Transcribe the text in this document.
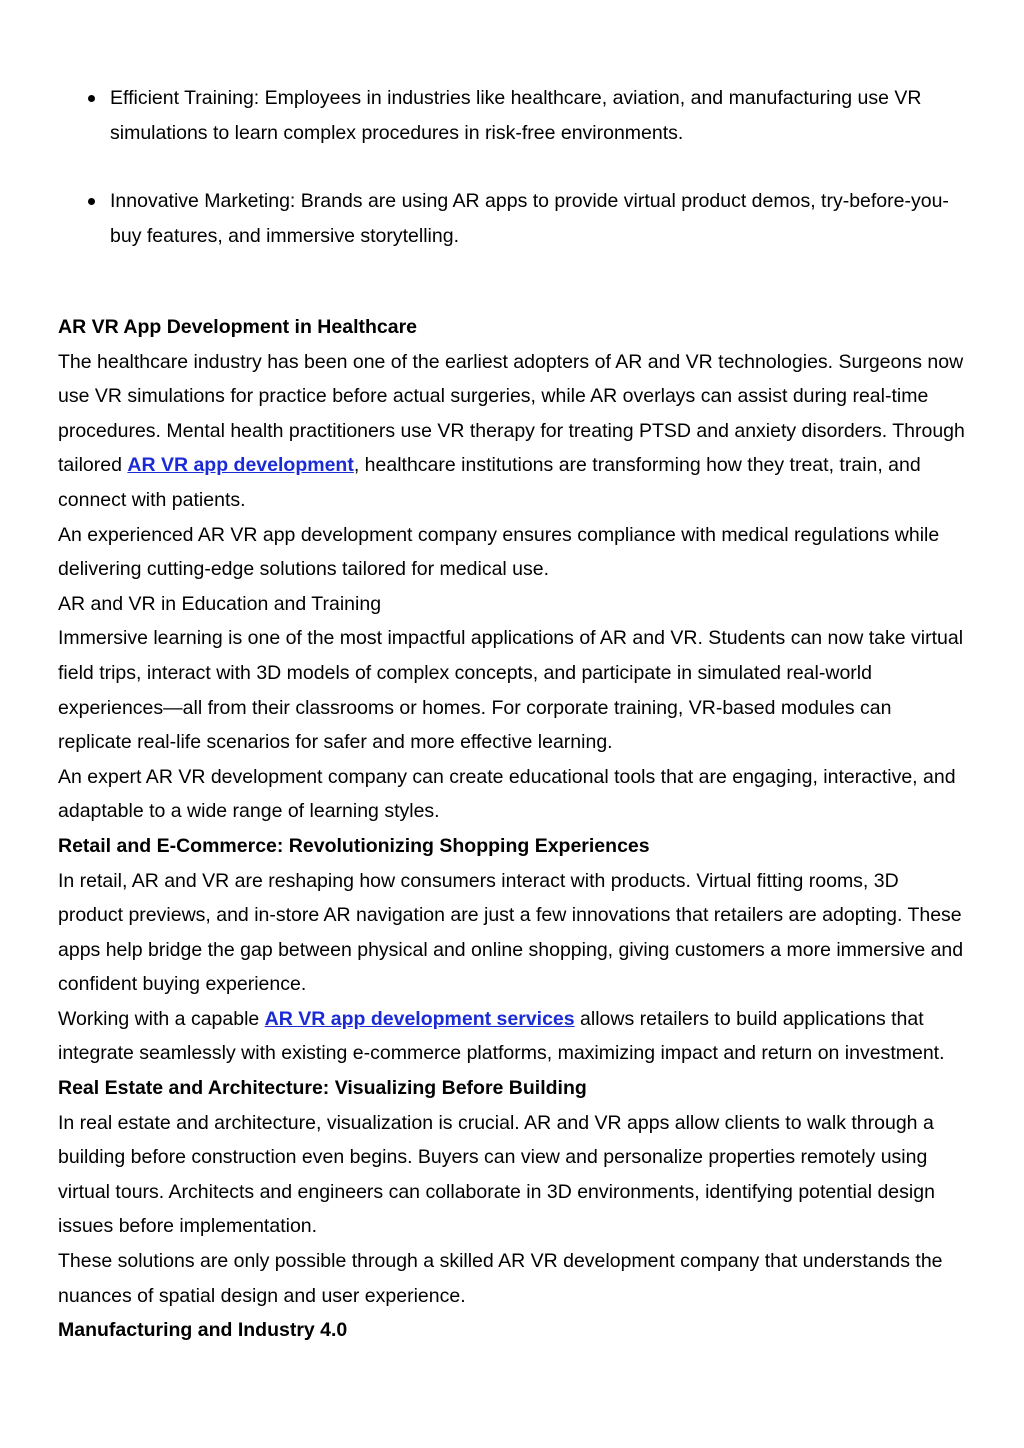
Efficient Training: Employees in industries like healthcare, aviation, and manufacturing use VR simulations to learn complex procedures in risk-free environments.
Innovative Marketing: Brands are using AR apps to provide virtual product demos, try-before-you-buy features, and immersive storytelling.

AR VR App Development in Healthcare

The healthcare industry has been one of the earliest adopters of AR and VR technologies. Surgeons now use VR simulations for practice before actual surgeries, while AR overlays can assist during real-time procedures. Mental health practitioners use VR therapy for treating PTSD and anxiety disorders. Through tailored AR VR app development, healthcare institutions are transforming how they treat, train, and connect with patients.

An experienced AR VR app development company ensures compliance with medical regulations while delivering cutting-edge solutions tailored for medical use.

AR and VR in Education and Training

Immersive learning is one of the most impactful applications of AR and VR. Students can now take virtual field trips, interact with 3D models of complex concepts, and participate in simulated real-world experiences—all from their classrooms or homes. For corporate training, VR-based modules can replicate real-life scenarios for safer and more effective learning.

An expert AR VR development company can create educational tools that are engaging, interactive, and adaptable to a wide range of learning styles.

Retail and E-Commerce: Revolutionizing Shopping Experiences

In retail, AR and VR are reshaping how consumers interact with products. Virtual fitting rooms, 3D product previews, and in-store AR navigation are just a few innovations that retailers are adopting. These apps help bridge the gap between physical and online shopping, giving customers a more immersive and confident buying experience.

Working with a capable AR VR app development services allows retailers to build applications that integrate seamlessly with existing e-commerce platforms, maximizing impact and return on investment.

Real Estate and Architecture: Visualizing Before Building

In real estate and architecture, visualization is crucial. AR and VR apps allow clients to walk through a building before construction even begins. Buyers can view and personalize properties remotely using virtual tours. Architects and engineers can collaborate in 3D environments, identifying potential design issues before implementation.

These solutions are only possible through a skilled AR VR development company that understands the nuances of spatial design and user experience.

Manufacturing and Industry 4.0
